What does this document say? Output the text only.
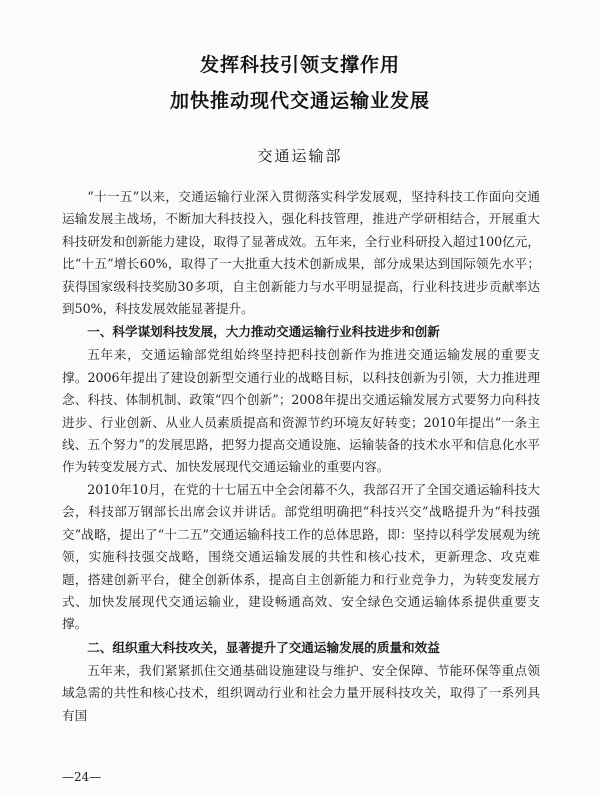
发挥科技引领支撑作用
加快推动现代交通运输业发展
交通运输部

“十一五”以来，交通运输行业深入贯彻落实科学发展观，坚持科技工作面向交通运输发展主战场，不断加大科技投入，强化科技管理，推进产学研相结合，开展重大科技研发和创新能力建设，取得了显著成效。五年来，全行业科研投入超过100亿元，比“十五”增长60%，取得了一大批重大技术创新成果，部分成果达到国际领先水平；获得国家级科技奖励30多项，自主创新能力与水平明显提高，行业科技进步贡献率达到50%，科技发展效能显著提升。

一、科学谋划科技发展，大力推动交通运输行业科技进步和创新

五年来，交通运输部党组始终坚持把科技创新作为推进交通运输发展的重要支撑。2006年提出了建设创新型交通行业的战略目标，以科技创新为引领，大力推进理念、科技、体制机制、政策“四个创新”；2008年提出交通运输发展方式要努力向科技进步、行业创新、从业人员素质提高和资源节约环境友好转变；2010年提出“一条主线、五个努力”的发展思路，把努力提高交通设施、运输装备的技术水平和信息化水平作为转变发展方式、加快发展现代交通运输业的重要内容。

2010年10月，在党的十七届五中全会闭幕不久，我部召开了全国交通运输科技大会，科技部万钢部长出席会议并讲话。部党组明确把“科技兴交”战略提升为“科技强交”战略，提出了“十二五”交通运输科技工作的总体思路，即：坚持以科学发展观为统领，实施科技强交战略，围绕交通运输发展的共性和核心技术，更新理念、攻克难题，搭建创新平台，健全创新体系，提高自主创新能力和行业竞争力，为转变发展方式、加快发展现代交通运输业，建设畅通高效、安全绿色交通运输体系提供重要支撑。

二、组织重大科技攻关，显著提升了交通运输发展的质量和效益

五年来，我们紧紧抓住交通基础设施建设与维护、安全保障、节能环保等重点领域急需的共性和核心技术，组织调动行业和社会力量开展科技攻关，取得了一系列具有国

—24—
